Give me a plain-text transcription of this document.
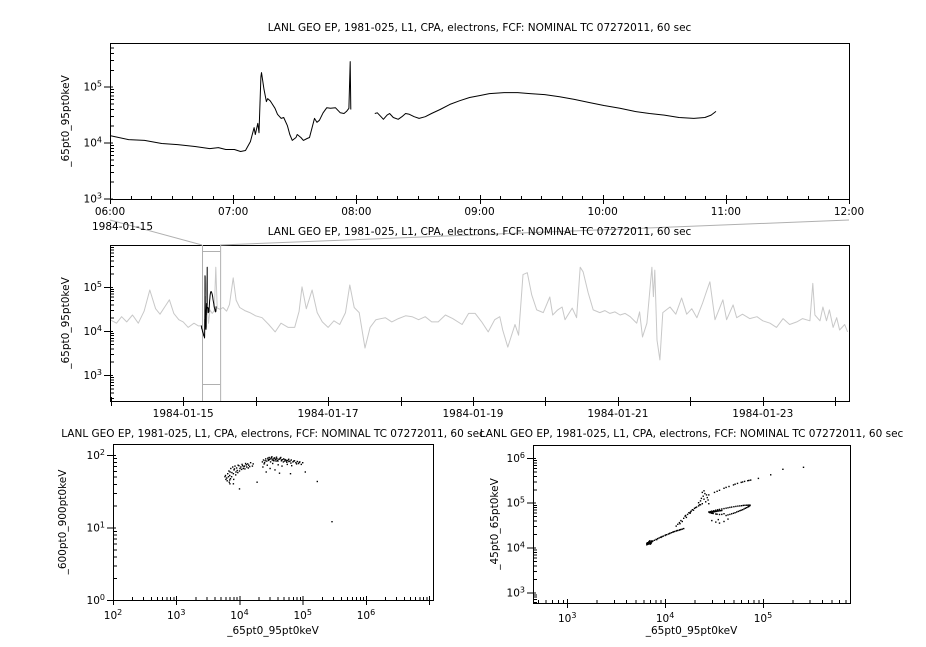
06:00	07:00	08:00	09:00	10:00	11:00	12:00
$10^3$
$10^4$
$10^5$
1984-01-15	1984-01-17	1984-01-19	1984-01-21	1984-01-23
$10^3$
$10^4$
$10^5$
$10^2$	$10^3$	$10^4$	$10^5$	$10^6$
$10^0$
$10^1$
$10^2$
$10^3$	$10^4$	$10^5$
$10^3$
$10^4$
$10^5$
$10^6$
LANL GEO EP, 1981-025, L1, CPA, electrons, FCF: NOMINAL TC 07272011, 60 sec
LANL GEO EP, 1981-025, L1, CPA, electrons, FCF: NOMINAL TC 07272011, 60 sec
LANL GEO EP, 1981-025, L1, CPA, electrons, FCF: NOMINAL TC 07272011, 60 sec
LANL GEO EP, 1981-025, L1, CPA, electrons, FCF: NOMINAL TC 07272011, 60 sec
_65pt0_95pt0keV
_65pt0_95pt0keV
_600pt0_900pt0keV	_45pt0_65pt0keV
_65pt0_95pt0keV	_65pt0_95pt0keV
1984-01-15
